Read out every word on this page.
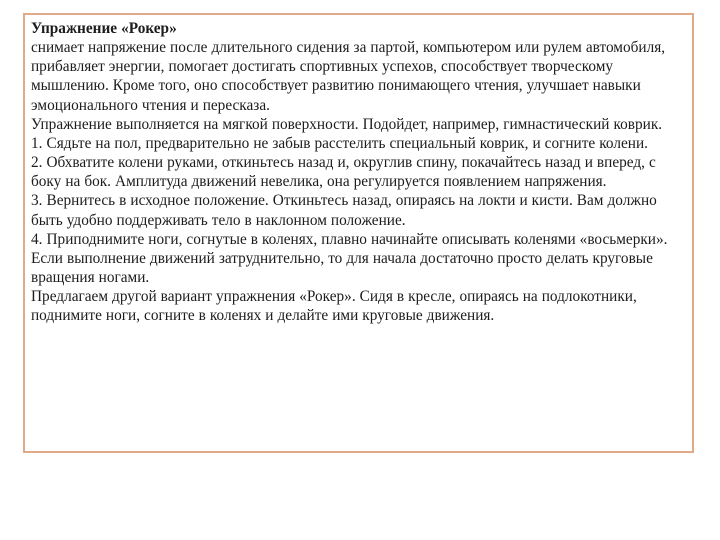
Упражнение «Рокер»
снимает напряжение после длительного сидения за партой, компьютером или рулем автомобиля, прибавляет энергии, помогает достигать спортивных успехов, способствует творческому мышлению. Кроме того, оно способствует развитию понимающего чтения, улучшает навыки эмоционального чтения и пересказа.
Упражнение выполняется на мягкой поверхности. Подойдет, например, гимнастический коврик.
1. Сядьте на пол, предварительно не забыв расстелить специальный коврик, и согните колени.
2. Обхватите колени руками, откиньтесь назад и, округлив спину, покачайтесь назад и вперед, с боку на бок. Амплитуда движений невелика, она регулируется появлением напряжения.
3. Вернитесь в исходное положение. Откиньтесь назад, опираясь на локти и кисти. Вам должно быть удобно поддерживать тело в наклонном положение.
4. Приподнимите ноги, согнутые в коленях, плавно начинайте описывать коленями «восьмерки». Если выполнение движений затруднительно, то для начала достаточно просто делать круговые вращения ногами.
Предлагаем другой вариант упражнения «Рокер». Сидя в кресле, опираясь на подлокотники, поднимите ноги, согните в коленях и делайте ими круговые движения.
